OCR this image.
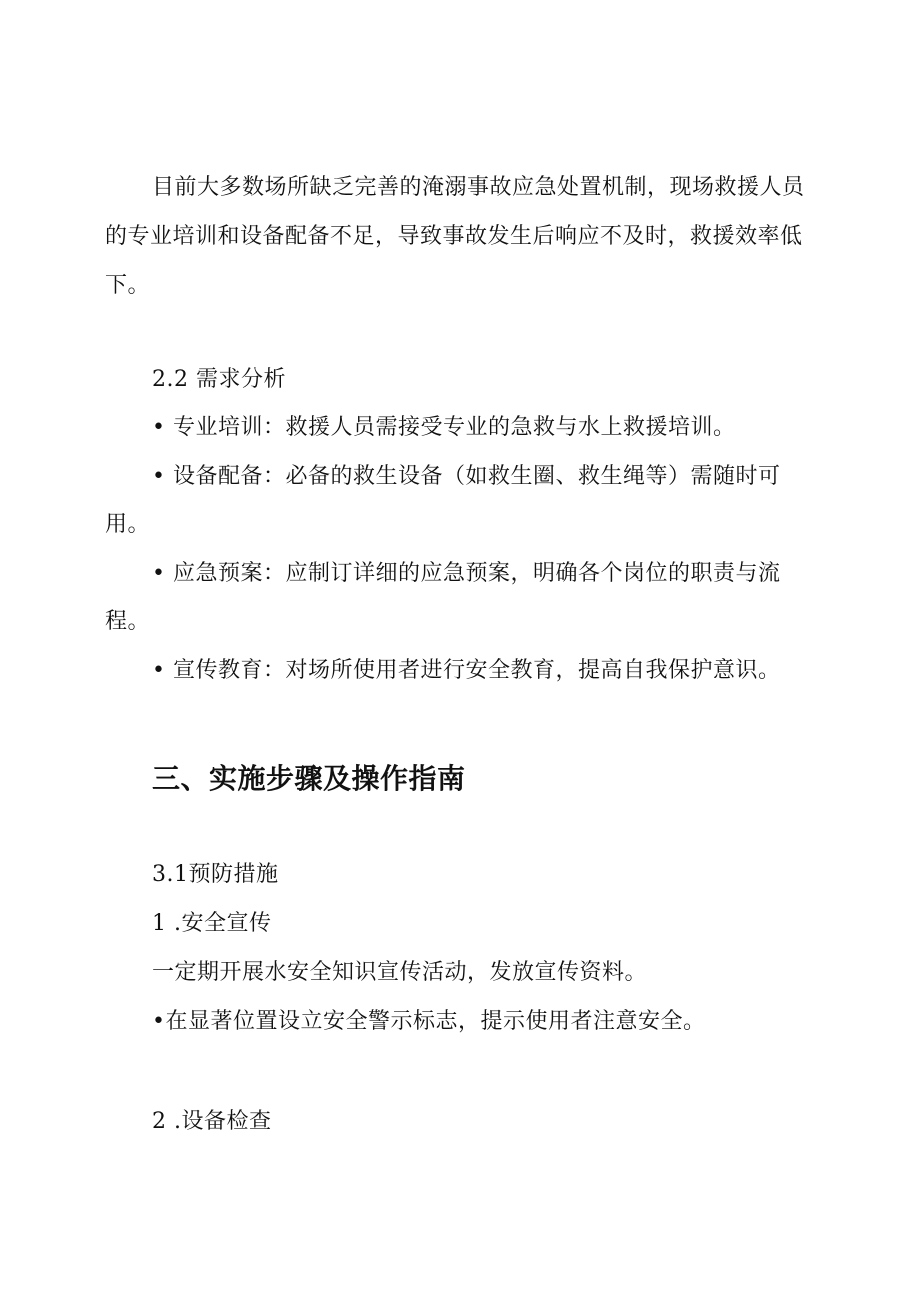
目前大多数场所缺乏完善的淹溺事故应急处置机制，现场救援人员
的专业培训和设备配备不足，导致事故发生后响应不及时，救援效率低
下。
2.2 需求分析
• 专业培训：救援人员需接受专业的急救与水上救援培训。
• 设备配备：必备的救生设备（如救生圈、救生绳等）需随时可
用。
• 应急预案：应制订详细的应急预案，明确各个岗位的职责与流
程。
• 宣传教育：对场所使用者进行安全教育，提高自我保护意识。
三、实施步骤及操作指南
3.1预防措施
1 .安全宣传
一定期开展水安全知识宣传活动，发放宣传资料。
•在显著位置设立安全警示标志，提示使用者注意安全。
2 .设备检查
